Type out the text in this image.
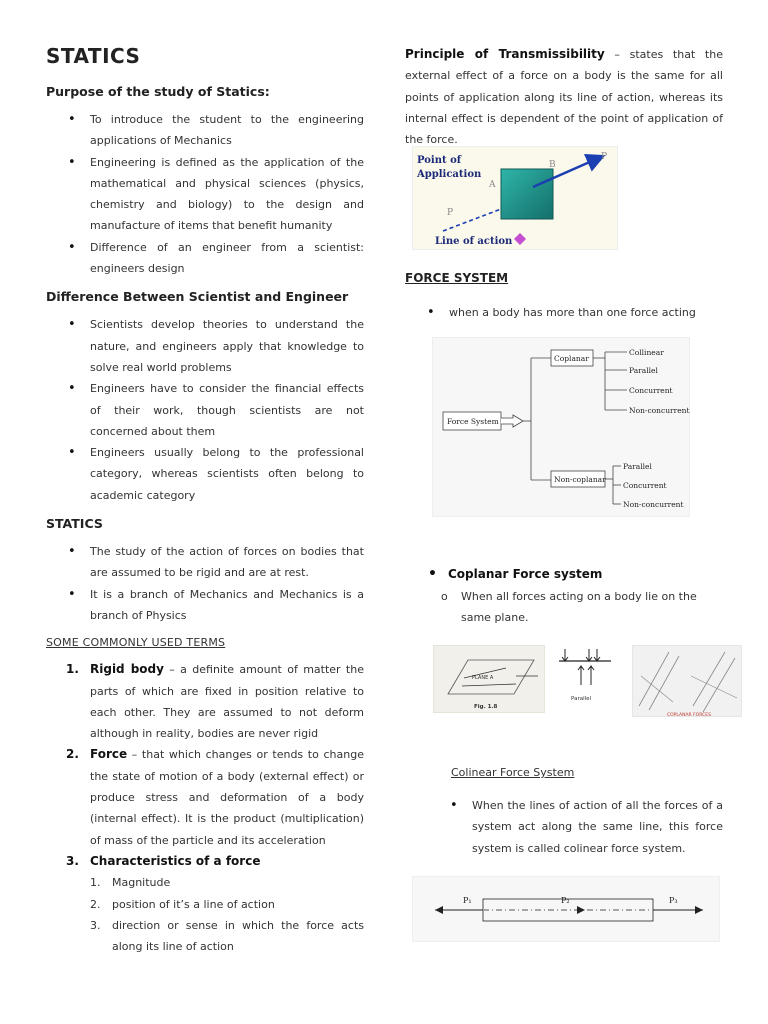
STATICS
Purpose of the study of Statics:
• To introduce the student to the engineering applications of Mechanics
• Engineering is defined as the application of the mathematical and physical sciences (physics, chemistry and biology) to the design and manufacture of items that benefit humanity
• Difference of an engineer from a scientist: engineers design
Difference Between Scientist and Engineer
• Scientists develop theories to understand the nature, and engineers apply that knowledge to solve real world problems
• Engineers have to consider the financial effects of their work, though scientists are not concerned about them
• Engineers usually belong to the professional category, whereas scientists often belong to academic category
STATICS
• The study of the action of forces on bodies that are assumed to be rigid and are at rest.
• It is a branch of Mechanics and Mechanics is a branch of Physics
SOME COMMONLY USED TERMS
1. Rigid body – a definite amount of matter the parts of which are fixed in position relative to each other. They are assumed to not deform although in reality, bodies are never rigid
2. Force – that which changes or tends to change the state of motion of a body (external effect) or produce stress and deformation of a body (internal effect). It is the product (multiplication) of mass of the particle and its acceleration
3. Characteristics of a force
1. Magnitude
2. position of it’s a line of action
3. direction or sense in which the force acts along its line of action
Principle of Transmissibility – states that the external effect of a force on a body is the same for all points of application along its line of action, whereas its internal effect is dependent of the point of application of the force.
Point of
Application
Line of action
A
B
P
P
FORCE SYSTEM
• when a body has more than one force acting
Force System
Coplanar
Non-coplanar
Collinear
Parallel
Concurrent
Non-concurrent
Parallel
Concurrent
Non-concurrent
• Coplanar Force system
o When all forces acting on a body lie on the same plane.
PLANE A
Fig. 1.8
Parallel
COPLANAR FORCES
Colinear Force System
• When the lines of action of all the forces of a system act along the same line, this force system is called colinear force system.
P₁	P₂	P₃
